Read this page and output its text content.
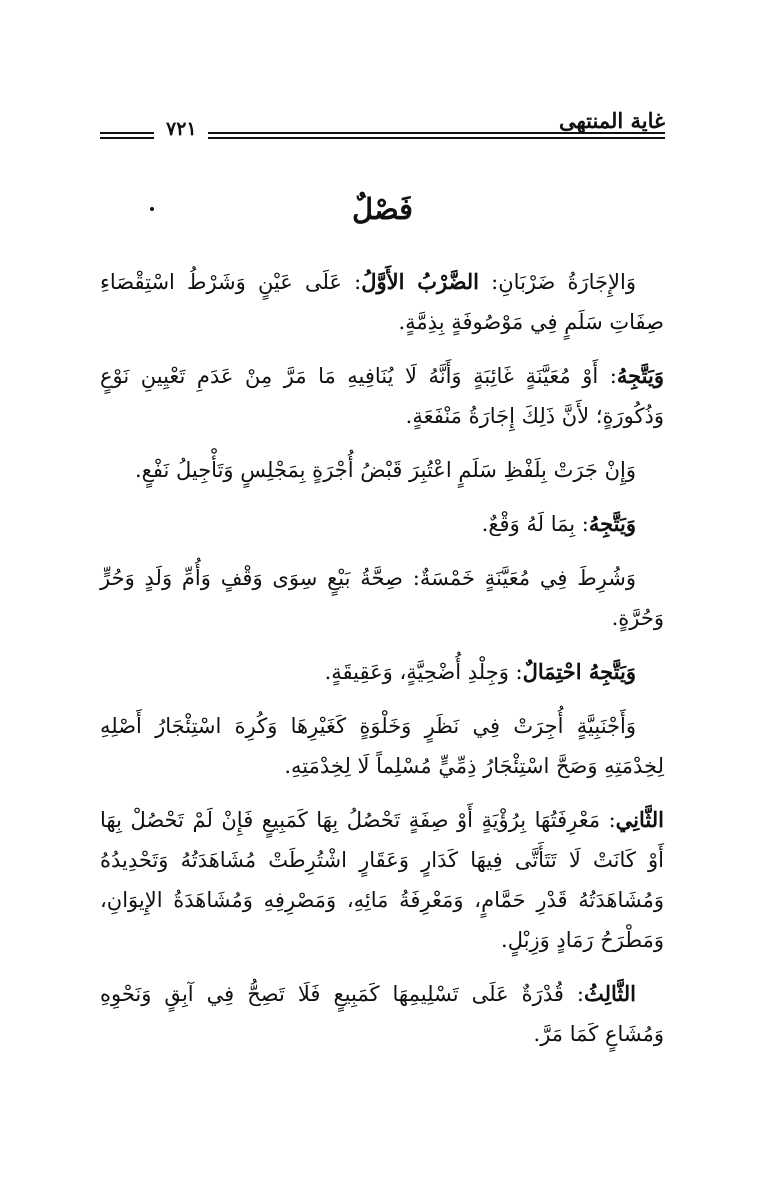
غاية المنتهى
٧٢١
فَصْلٌ

وَالإِجَارَةُ ضَرْبَانِ: الضَّرْبُ الأَوَّلُ: عَلَى عَيْنٍ وَشَرْطُ اسْتِقْصَاءِ صِفَاتِ سَلَمٍ فِي مَوْصُوفَةٍ بِذِمَّةٍ.

وَيَتَّجِهُ: أَوْ مُعَيَّنَةٍ غَائِبَةٍ وَأَنَّهُ لَا يُنَافِيهِ مَا مَرَّ مِنْ عَدَمِ تَعْيِينِ نَوْعٍ وَذُكُورَةٍ؛ لأَنَّ ذَلِكَ إِجَارَةُ مَنْفَعَةٍ.

وَإِنْ جَرَتْ بِلَفْظِ سَلَمٍ اعْتُبِرَ قَبْضُ أُجْرَةٍ بِمَجْلِسٍ وَتَأْجِيلُ نَفْعٍ.

وَيَتَّجِهُ: بِمَا لَهُ وَقْعٌ.

وَشُرِطَ فِي مُعَيَّنَةٍ خَمْسَةٌ: صِحَّةُ بَيْعٍ سِوَى وَقْفٍ وَأُمِّ وَلَدٍ وَحُرٍّ وَحُرَّةٍ.

وَيَتَّجِهُ احْتِمَالٌ: وَجِلْدِ أُضْحِيَّةٍ، وَعَقِيقَةٍ.

وَأَجْنَبِيَّةٍ أُجِرَتْ فِي نَظَرٍ وَخَلْوَةٍ كَغَيْرِهَا وَكُرِهَ اسْتِئْجَارُ أَصْلِهِ لِخِدْمَتِهِ وَصَحَّ اسْتِئْجَارُ ذِمِّيٍّ مُسْلِماً لَا لِخِدْمَتِهِ.

الثَّانِي: مَعْرِفَتُهَا بِرُؤْيَةٍ أَوْ صِفَةٍ تَحْصُلُ بِهَا كَمَبِيعٍ فَإِنْ لَمْ تَحْصُلْ بِهَا أَوْ كَانَتْ لَا تَتَأَتَّى فِيهَا كَدَارٍ وَعَقَارٍ اشْتُرِطَتْ مُشَاهَدَتُهُ وَتَحْدِيدُهُ وَمُشَاهَدَتُهُ قَدْرِ حَمَّامٍ، وَمَعْرِفَةُ مَائِهِ، وَمَصْرِفِهِ وَمُشَاهَدَةُ الإِيوَانِ، وَمَطْرَحُ رَمَادٍ وَزِبْلٍ.

الثَّالِثُ: قُدْرَةٌ عَلَى تَسْلِيمِهَا كَمَبِيعٍ فَلَا تَصِحُّ فِي آبِقٍ وَنَحْوِهِ وَمُشَاعٍ كَمَا مَرَّ.
